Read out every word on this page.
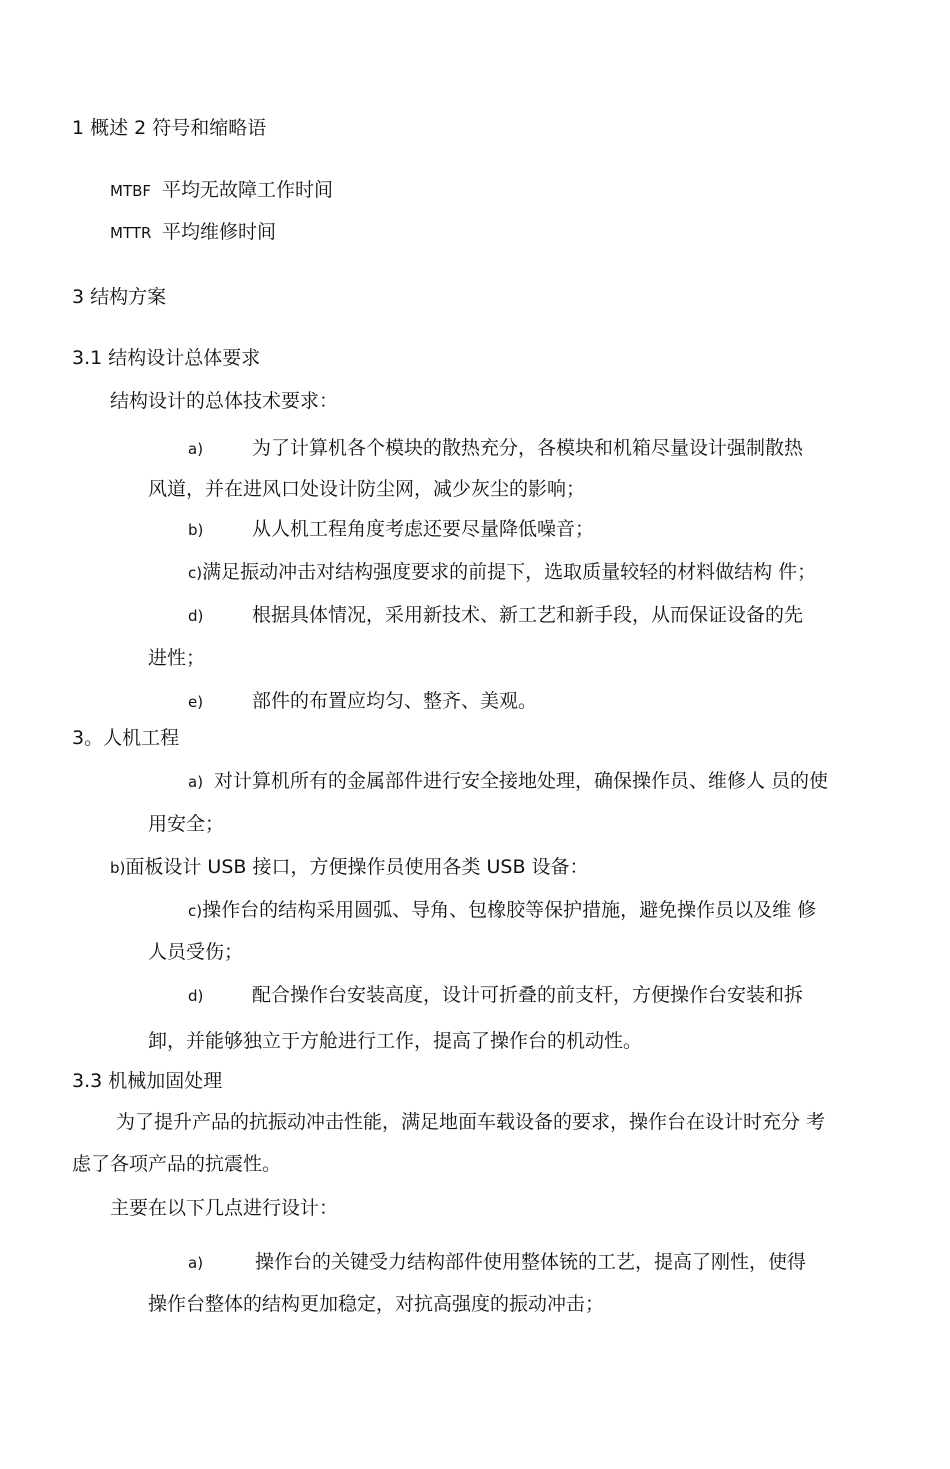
1 概述 2 符号和缩略语
MTBF 平均无故障工作时间
MTTR 平均维修时间
3 结构方案
3.1 结构设计总体要求
结构设计的总体技术要求：
a)	为了计算机各个模块的散热充分，各模块和机箱尽量设计强制散热
风道，并在进风口处设计防尘网，减少灰尘的影响；
b)	从人机工程角度考虑还要尽量降低噪音；
c)满足振动冲击对结构强度要求的前提下，选取质量较轻的材料做结构 件；
d)	根据具体情况，采用新技术、新工艺和新手段，从而保证设备的先
进性；
e)	部件的布置应均匀、整齐、美观。
3。人机工程
a) 对计算机所有的金属部件进行安全接地处理，确保操作员、维修人 员的使
用安全；
b)面板设计 USB 接口，方便操作员使用各类 USB 设备：
c)操作台的结构采用圆弧、导角、包橡胶等保护措施，避免操作员以及维 修
人员受伤；
d)	配合操作台安装高度，设计可折叠的前支杆，方便操作台安装和拆
卸，并能够独立于方舱进行工作，提高了操作台的机动性。
3.3 机械加固处理
为了提升产品的抗振动冲击性能，满足地面车载设备的要求，操作台在设计时充分 考
虑了各项产品的抗震性。
主要在以下几点进行设计：
a)	操作台的关键受力结构部件使用整体铳的工艺，提高了刚性，使得
操作台整体的结构更加稳定，对抗高强度的振动冲击；
